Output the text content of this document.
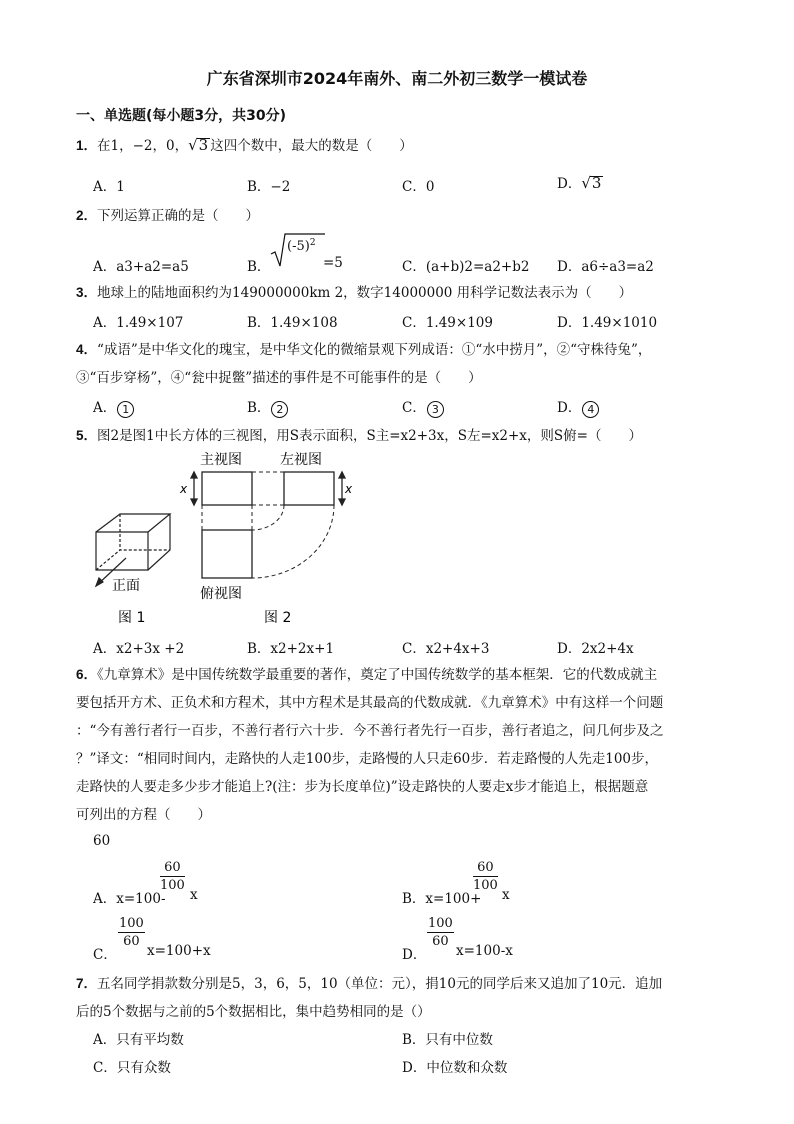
广东省深圳市2024年南外、南二外初三数学一模试卷
一、单选题(每小题3分，共30分)
1．在1，−2，0，√3 这四个数中，最大的数是（　　）
A．1	B．−2	C．0	D．√3
2．下列运算正确的是（　　）
A．a3+a2=a5	B．
$(-5)^2$
=5	C．(a+b)2=a2+b2 D．a6÷a3=a2
3．地球上的陆地面积约为149000000km 2，数字14000000 用科学记数法表示为（　　）
A．1.49×107	B．1.49×108	C．1.49×109	D．1.49×1010
4．“成语”是中华文化的瑰宝，是中华文化的微缩景观下列成语：①“水中捞月”，②“守株待兔”，
③“百步穿杨”，④“瓮中捉鳖”描述的事件是不可能事件的是（　　）
A． 1	B． 2	C． 3	D． 4
5．图2是图1中长方体的三视图，用S表示面积，S主=x2+3x，S左=x2+x，则S俯=（　　）
正面
图 1
主视图	左视图
x	x
俯视图
图 2
A．x2+3x +2	B．x2+2x+1	C．x2+4x+3	D．2x2+4x
6．《九章算术》是中国传统数学最重要的著作，奠定了中国传统数学的基本框架．它的代数成就主
要包括开方术、正负术和方程术，其中方程术是其最高的代数成就．《九章算术》中有这样一个问题
：“今有善行者行一百步，不善行者行六十步．今不善行者先行一百步，善行者追之，问几何步及之
？”译文：“相同时间内，走路快的人走100步，走路慢的人只走60步．若走路慢的人先走100步，
走路快的人要走多少步才能追上?(注：步为长度单位)”设走路快的人要走x步才能追上，根据题意
可列出的方程（　　）
60
A．x=100-
$\frac{60}{100}$
x	B．x=100+
$\frac{60}{100}$
x
C．
$\frac{100}{60}$
x=100+x	D．
$\frac{100}{60}$
x=100-x
7．五名同学捐款数分别是5，3，6，5，10（单位：元），捐10元的同学后来又追加了10元．追加
后的5个数据与之前的5个数据相比，集中趋势相同的是（）
A．只有平均数	B．只有中位数
C．只有众数	D．中位数和众数
